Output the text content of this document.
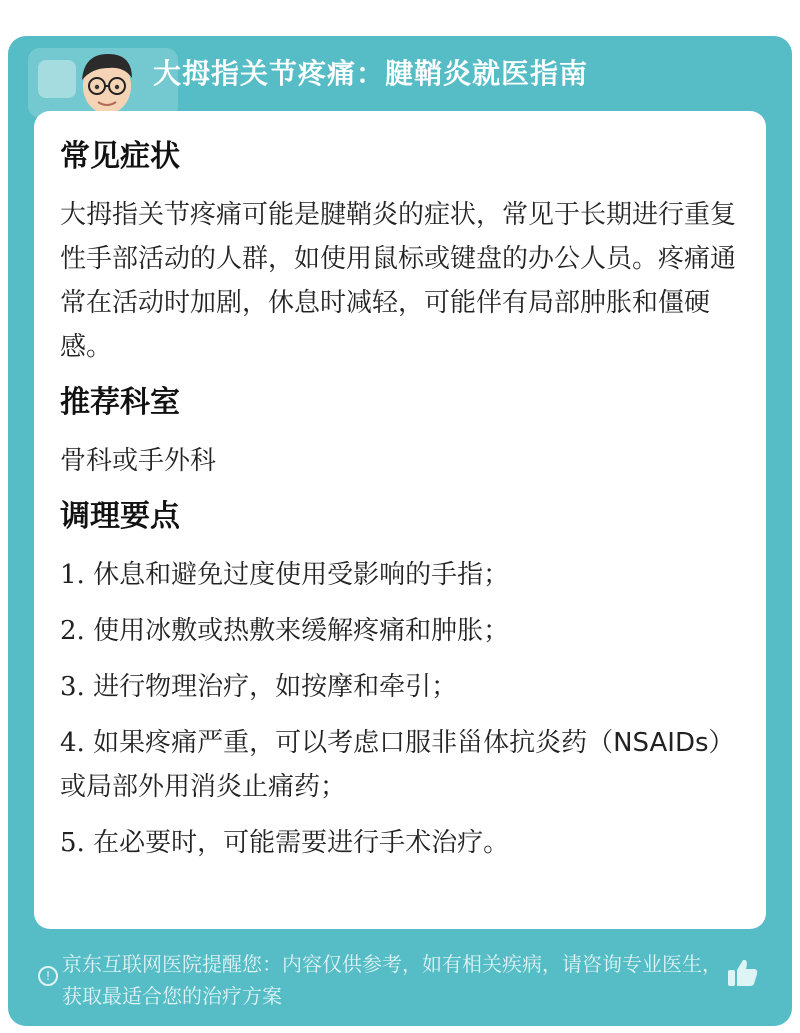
大拇指关节疼痛：腱鞘炎就医指南
常见症状

大拇指关节疼痛可能是腱鞘炎的症状，常见于长期进行重复性手部活动的人群，如使用鼠标或键盘的办公人员。疼痛通常在活动时加剧，休息时减轻，可能伴有局部肿胀和僵硬感。

推荐科室

骨科或手外科

调理要点
1. 休息和避免过度使用受影响的手指；
2. 使用冰敷或热敷来缓解疼痛和肿胀；
3. 进行物理治疗，如按摩和牵引；
4. 如果疼痛严重，可以考虑口服非甾体抗炎药（NSAIDs）或局部外用消炎止痛药；
5. 在必要时，可能需要进行手术治疗。
! 京东互联网医院提醒您：内容仅供参考，如有相关疾病，请咨询专业医生，获取最适合您的治疗方案
